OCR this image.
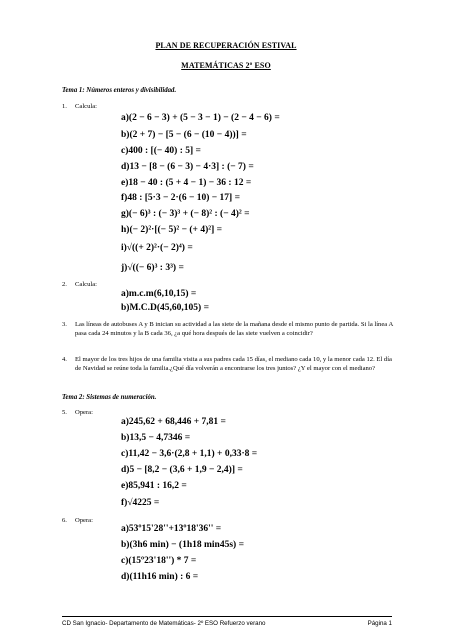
PLAN DE RECUPERACIÓN ESTIVAL
MATEMÁTICAS 2º ESO
Tema 1: Números enteros y divisibilidad.
1. Calcula:
a)(2 − 6 − 3) + (5 − 3 − 1) − (2 − 4 − 6) =
b)(2 + 7) − [5 − (6 − (10 − 4))] =
c)400 : [(− 40) : 5] =
d)13 − [8 − (6 − 3) − 4·3] : (− 7) =
e)18 − 40 : (5 + 4 − 1) − 36 : 12 =
f)48 : [5·3 − 2·(6 − 10) − 17] =
g)(− 6)³ : (− 3)³ + (− 8)² : (− 4)² =
h)(− 2)²·[(− 5)² − (+ 4)²] =
i)√((+ 2)²·(− 2)⁴) =
j)√((− 6)³ : 3³) =
2. Calcula:
a)m.c.m(6,10,15) =
b)M.C.D(45,60,105) =
3. Las líneas de autobuses A y B inician su actividad a las siete de la mañana desde el mismo punto de partida. Si la línea A pasa cada 24 minutos y la B cada 36, ¿a qué hora después de las siete vuelven a coincidir?
4. El mayor de los tres hijos de una familia visita a sus padres cada 15 días, el mediano cada 10, y la menor cada 12. El día de Navidad se reúne toda la familia.¿Qué día volverán a encontrarse los tres juntos? ¿Y el mayor con el mediano?
Tema 2: Sistemas de numeración.
5. Opera:
a)245,62 + 68,446 + 7,81 =
b)13,5 − 4,7346 =
c)11,42 − 3,6·(2,8 + 1,1) + 0,33·8 =
d)5 − [8,2 − (3,6 + 1,9 − 2,4)] =
e)85,941 : 16,2 =
f)√4225 =
6. Opera:
a)53º15'28''+13º18'36'' =
b)(3h6 min) − (1h18 min45s) =
c)(15º23'18'') * 7 =
d)(11h16 min) : 6 =
CD San Ignacio- Departamento de Matemáticas- 2º ESO Refuerzo verano	Página 1
